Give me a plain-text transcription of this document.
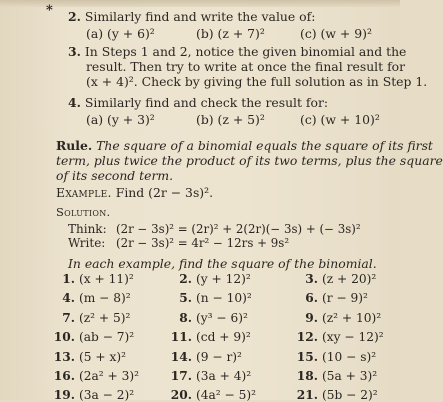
* 2. Similarly find and write the value of:
(a) (y + 6)²	(b) (z + 7)²	(c) (w + 9)²
3. In Steps 1 and 2, notice the given binomial and the
result. Then try to write at once the final result for
(x + 4)². Check by giving the full solution as in Step 1.
4. Similarly find and check the result for:
(a) (y + 3)²	(b) (z + 5)²	(c) (w + 10)²
Rule. The square of a binomial equals the square of its first
term, plus twice the product of its two terms, plus the square
of its second term.
Example. Find (2r − 3s)².
Solution.
Think: (2r − 3s)² = (2r)² + 2(2r)(− 3s) + (− 3s)²
Write: (2r − 3s)² = 4r² − 12rs + 9s²
In each example, find the square of the binomial.
1. (x + 11)²	2. (y + 12)²	3. (z + 20)²
4. (m − 8)²	5. (n − 10)²	6. (r − 9)²
7. (z² + 5)²	8. (y³ − 6)²	9. (z² + 10)²
10. (ab − 7)²	11. (cd + 9)²	12. (xy − 12)²
13. (5 + x)²	14. (9 − r)²	15. (10 − s)²
16. (2a² + 3)²	17. (3a + 4)²	18. (5a + 3)²
19. (3a − 2)²	20. (4a² − 5)²	21. (5b − 2)²
